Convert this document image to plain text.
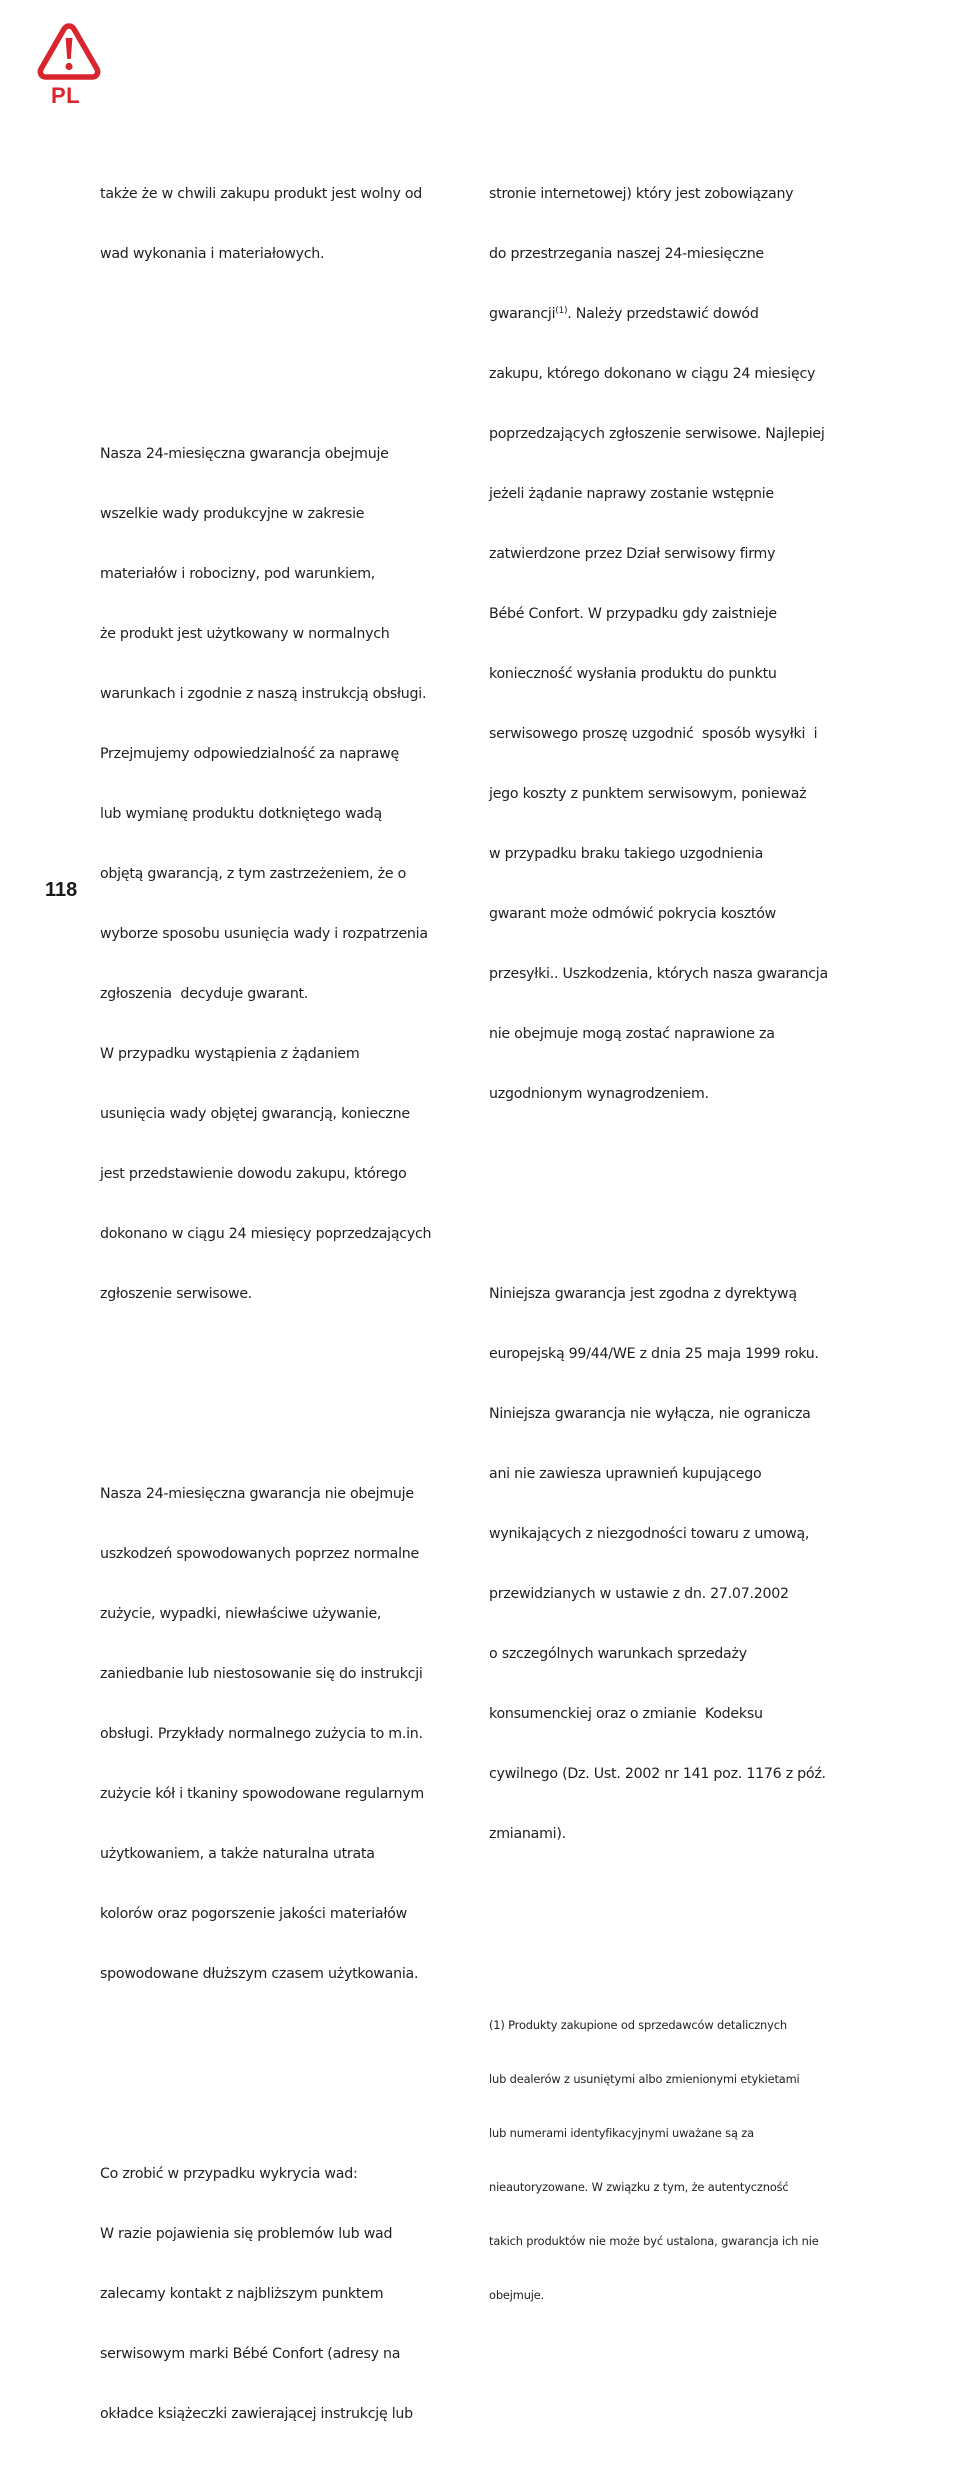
PL

także że w chwili zakupu produkt jest wolny od

wad wykonania i materiałowych.

Nasza 24-miesięczna gwarancja obejmuje

wszelkie wady produkcyjne w zakresie

materiałów i robocizny, pod warunkiem,

że produkt jest użytkowany w normalnych

warunkach i zgodnie z naszą instrukcją obsługi.

Przejmujemy odpowiedzialność za naprawę

lub wymianę produktu dotkniętego wadą

objętą gwarancją, z tym zastrzeżeniem, że o

wyborze sposobu usunięcia wady i rozpatrzenia

zgłoszenia  decyduje gwarant.

W przypadku wystąpienia z żądaniem

usunięcia wady objętej gwarancją, konieczne

jest przedstawienie dowodu zakupu, którego

dokonano w ciągu 24 miesięcy poprzedzających

zgłoszenie serwisowe.

Nasza 24-miesięczna gwarancja nie obejmuje

uszkodzeń spowodowanych poprzez normalne

zużycie, wypadki, niewłaściwe używanie,

zaniedbanie lub niestosowanie się do instrukcji

obsługi. Przykłady normalnego zużycia to m.in.

zużycie kół i tkaniny spowodowane regularnym

użytkowaniem, a także naturalna utrata

kolorów oraz pogorszenie jakości materiałów

spowodowane dłuższym czasem użytkowania.

Co zrobić w przypadku wykrycia wad:

W razie pojawienia się problemów lub wad

zalecamy kontakt z najbliższym punktem

serwisowym marki Bébé Confort (adresy na

okładce książeczki zawierającej instrukcję lub

stronie internetowej) który jest zobowiązany

do przestrzegania naszej 24-miesięczne

gwarancji$^{(1)}$. Należy przedstawić dowód

zakupu, którego dokonano w ciągu 24 miesięcy

poprzedzających zgłoszenie serwisowe. Najlepiej

jeżeli żądanie naprawy zostanie wstępnie

zatwierdzone przez Dział serwisowy firmy

Bébé Confort. W przypadku gdy zaistnieje

konieczność wysłania produktu do punktu

serwisowego proszę uzgodnić  sposób wysyłki  i

jego koszty z punktem serwisowym, ponieważ

w przypadku braku takiego uzgodnienia

gwarant może odmówić pokrycia kosztów

przesyłki.. Uszkodzenia, których nasza gwarancja

nie obejmuje mogą zostać naprawione za

uzgodnionym wynagrodzeniem.

Niniejsza gwarancja jest zgodna z dyrektywą

europejską 99/44/WE z dnia 25 maja 1999 roku.

Niniejsza gwarancja nie wyłącza, nie ogranicza

ani nie zawiesza uprawnień kupującego

wynikających z niezgodności towaru z umową,

przewidzianych w ustawie z dn. 27.07.2002

o szczególnych warunkach sprzedaży

konsumenckiej oraz o zmianie  Kodeksu

cywilnego (Dz. Ust. 2002 nr 141 poz. 1176 z póź.

zmianami).

(1) Produkty zakupione od sprzedawców detalicznych

lub dealerów z usuniętymi albo zmienionymi etykietami

lub numerami identyfikacyjnymi uważane są za

nieautoryzowane. W związku z tym, że autentyczność

takich produktów nie może być ustalona, gwarancja ich nie

obejmuje.

118
